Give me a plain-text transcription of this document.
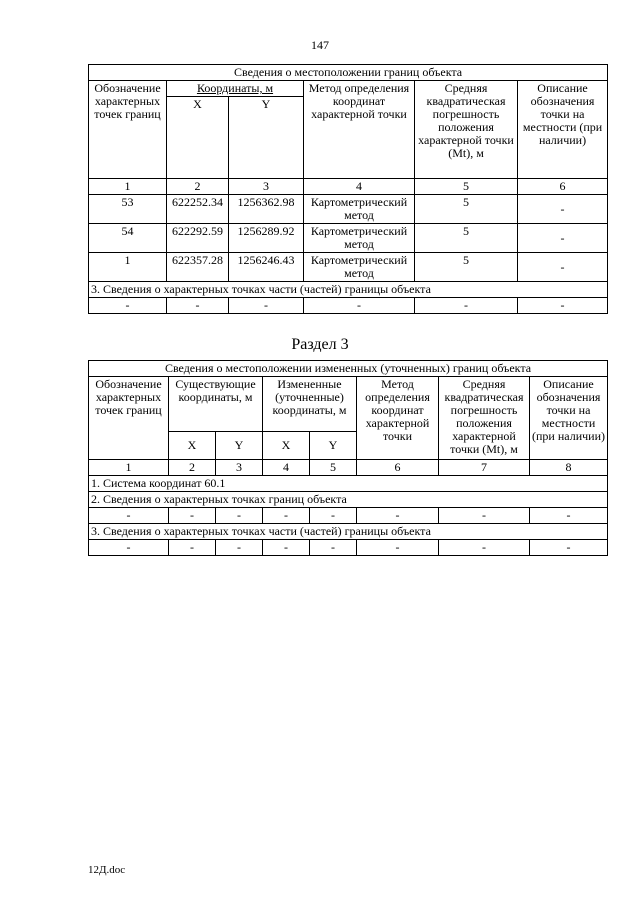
147
Сведения о местоположении границ объекта					
Обозначение характерных точек границ	Координаты, м		Метод определения координат характерной точки	Средняя квадратическая погрешность положения характерной точки (Mt), м	Описание обозначения точки на местности (при наличии)
	X	Y			
1	2	3	4	5	6
53	622252.34	1256362.98	Картометрический метод	5	-
54	622292.59	1256289.92	Картометрический метод	5	-
1	622357.28	1256246.43	Картометрический метод	5	-
3. Сведения о характерных точках части (частей) границы объекта					
-	-	-	-	-	-
Раздел 3
Сведения о местоположении измененных (уточненных) границ объекта							
Обозначение характерных точек границ	Существующие координаты, м		Измененные (уточненные) координаты, м		Метод определения координат характерной точки	Средняя квадратическая погрешность положения характерной точки (Mt), м	Описание обозначения точки на местности (при наличии)
	X	Y	X	Y			
1	2	3	4	5	6	7	8
1. Система координат 60.1							
2. Сведения о характерных точках границ объекта							
-	-	-	-	-	-	-	-
3. Сведения о характерных точках части (частей) границы объекта							
-	-	-	-	-	-	-	-
12Д.doc
